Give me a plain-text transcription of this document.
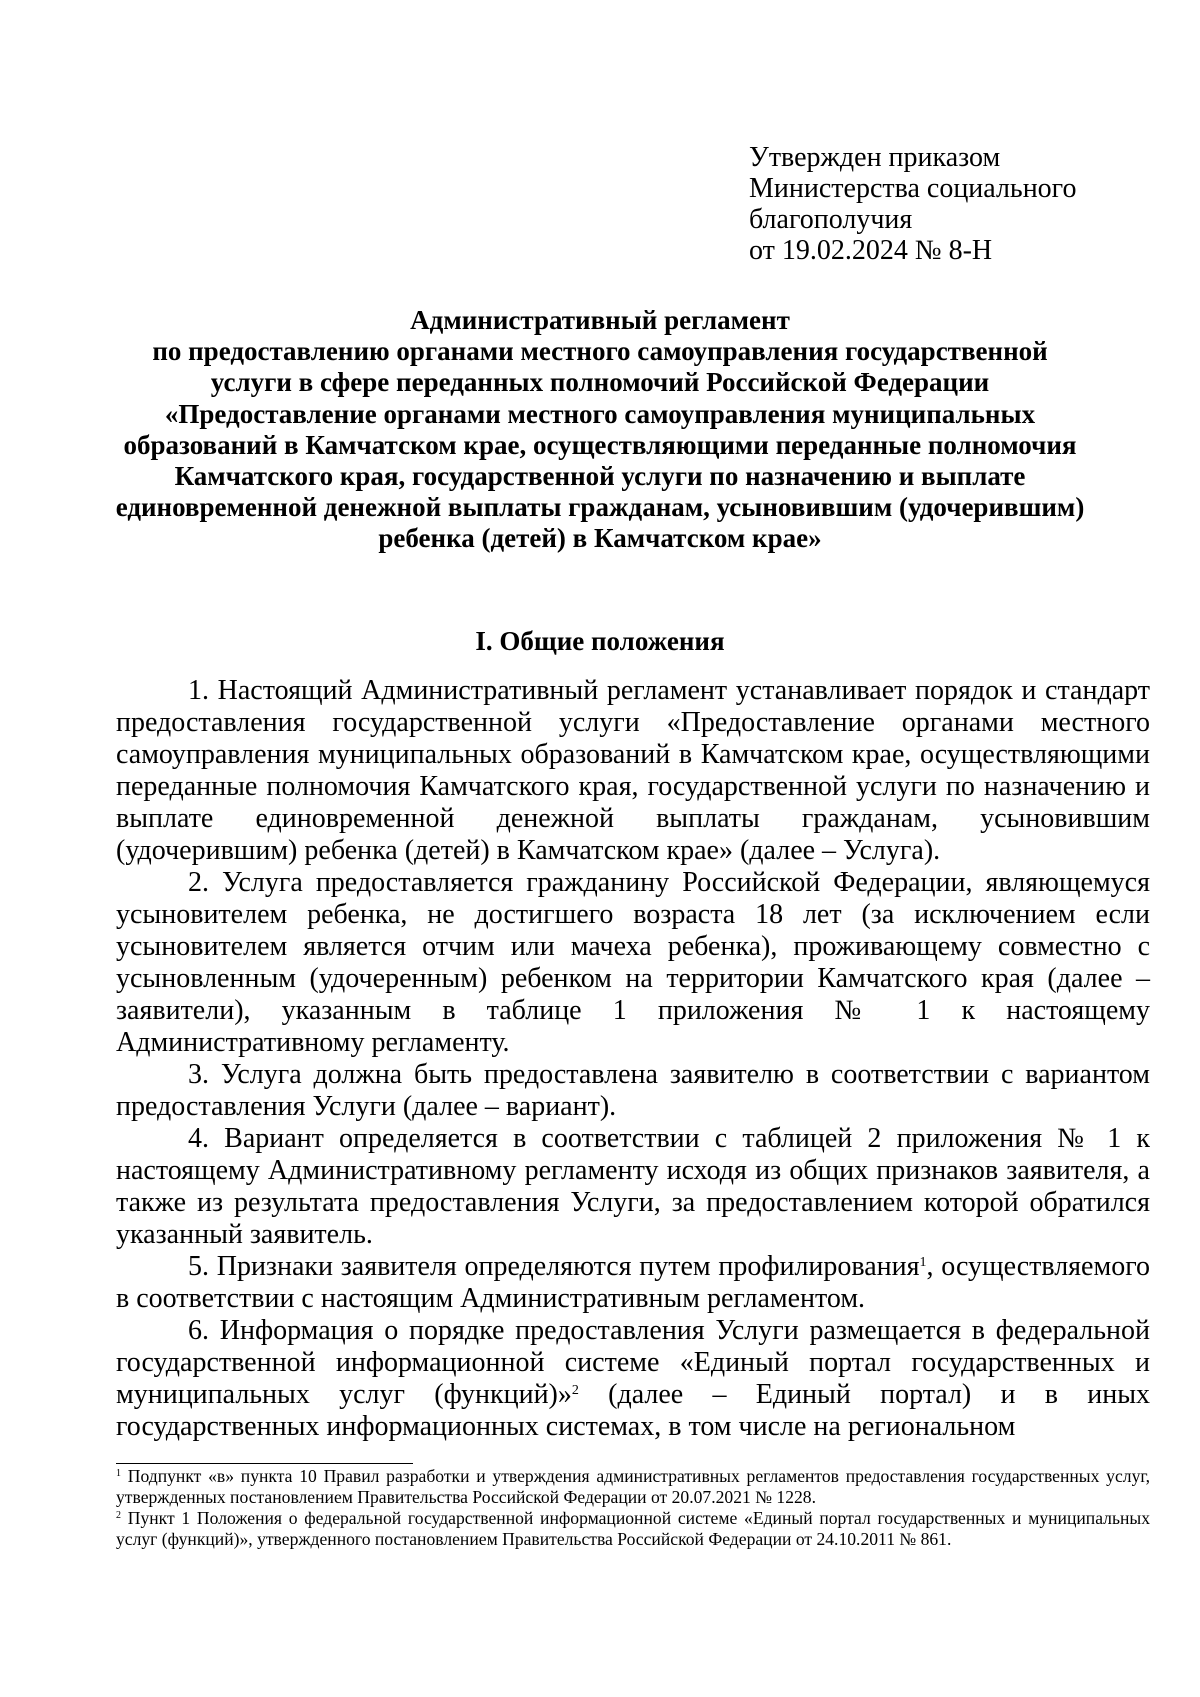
Утвержден приказом
Министерства социального
благополучия
от 19.02.2024 № 8-Н
Административный регламент
по предоставлению органами местного самоуправления государственной
услуги в сфере переданных полномочий Российской Федерации
«Предоставление органами местного самоуправления муниципальных
образований в Камчатском крае, осуществляющими переданные полномочия
Камчатского края, государственной услуги по назначению и выплате
единовременной денежной выплаты гражданам, усыновившим (удочерившим)
ребенка (детей) в Камчатском крае»
I. Общие положения

1. Настоящий Административный регламент устанавливает порядок и стандарт предоставления государственной услуги «Предоставление органами местного самоуправления муниципальных образований в Камчатском крае, осуществляющими переданные полномочия Камчатского края, государственной услуги по назначению и выплате единовременной денежной выплаты гражданам, усыновившим (удочерившим) ребенка (детей) в Камчатском крае» (далее – Услуга).

2. Услуга предоставляется гражданину Российской Федерации, являющемуся усыновителем ребенка, не достигшего возраста 18 лет (за исключением если усыновителем является отчим или мачеха ребенка), проживающему совместно с усыновленным (удочеренным) ребенком на территории Камчатского края (далее – заявители), указанным в таблице 1 приложения № 1 к настоящему Административному регламенту.

3. Услуга должна быть предоставлена заявителю в соответствии с вариантом предоставления Услуги (далее – вариант).

4. Вариант определяется в соответствии с таблицей 2 приложения № 1 к настоящему Административному регламенту исходя из общих признаков заявителя, а также из результата предоставления Услуги, за предоставлением которой обратился указанный заявитель.

5. Признаки заявителя определяются путем профилирования$^1$, осуществляемого в соответствии с настоящим Административным регламентом.

6. Информация о порядке предоставления Услуги размещается в федеральной государственной информационной системе «Единый портал государственных и муниципальных услуг (функций)»$^2$ (далее – Единый портал) и в иных государственных информационных системах, в том числе на региональном

$^1$ Подпункт «в» пункта 10 Правил разработки и утверждения административных регламентов предоставления государственных услуг, утвержденных постановлением Правительства Российской Федерации от 20.07.2021 № 1228.

$^2$ Пункт 1 Положения о федеральной государственной информационной системе «Единый портал государственных и муниципальных услуг (функций)», утвержденного постановлением Правительства Российской Федерации от 24.10.2011 № 861.
